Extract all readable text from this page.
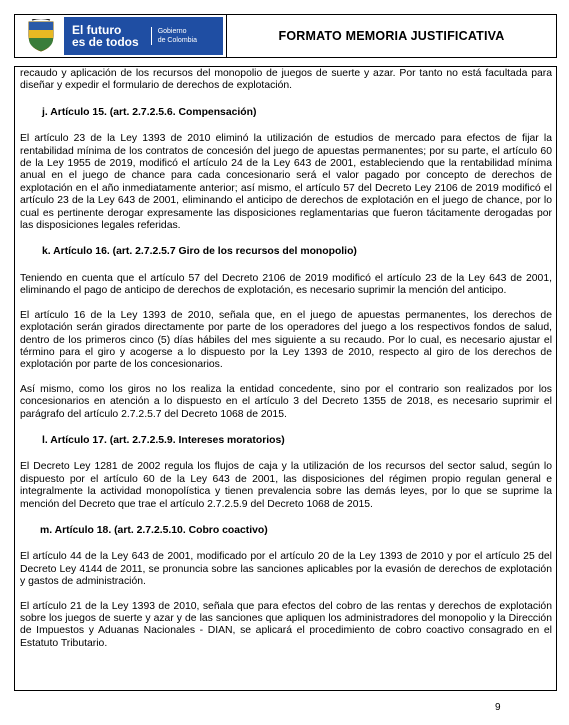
El futuro
es de todos
Gobierno
de Colombia	FORMATO MEMORIA JUSTIFICATIVA

recaudo y aplicación de los recursos del monopolio de juegos de suerte y azar. Por tanto no está facultada para diseñar y expedir el formulario de derechos de explotación.

j. Artículo 15. (art. 2.7.2.5.6. Compensación)

El artículo 23 de la Ley 1393 de 2010 eliminó la utilización de estudios de mercado para efectos de fijar la rentabilidad mínima de los contratos de concesión del juego de apuestas permanentes; por su parte, el artículo 60 de la Ley 1955 de 2019, modificó el artículo 24 de la Ley 643 de 2001, estableciendo que la rentabilidad mínima anual en el juego de chance para cada concesionario será el valor pagado por concepto de derechos de explotación en el año inmediatamente anterior; así mismo, el artículo 57 del Decreto Ley 2106 de 2019 modificó el artículo 23 de la Ley 643 de 2001, eliminando el anticipo de derechos de explotación en el juego de chance, por lo cual es pertinente derogar expresamente las disposiciones reglamentarias que fueron tácitamente derogadas por las disposiciones legales referidas.

k. Artículo 16. (art. 2.7.2.5.7 Giro de los recursos del monopolio)

Teniendo en cuenta que el artículo 57 del Decreto 2106 de 2019 modificó el artículo 23 de la Ley 643 de 2001, eliminando el pago de anticipo de derechos de explotación, es necesario suprimir la mención del anticipo.

El artículo 16 de la Ley 1393 de 2010, señala que, en el juego de apuestas permanentes, los derechos de explotación serán girados directamente por parte de los operadores del juego a los respectivos fondos de salud, dentro de los primeros cinco (5) días hábiles del mes siguiente a su recaudo. Por lo cual, es necesario ajustar el término para el giro y acogerse a lo dispuesto por la Ley 1393 de 2010, respecto al giro de los derechos de explotación por parte de los concesionarios.

Así mismo, como los giros no los realiza la entidad concedente, sino por el contrario son realizados por los concesionarios en atención a lo dispuesto en el artículo 3 del Decreto 1355 de 2018, es necesario suprimir el parágrafo del artículo 2.7.2.5.7 del Decreto 1068 de 2015.

l. Artículo 17. (art. 2.7.2.5.9. Intereses moratorios)

El Decreto Ley 1281 de 2002 regula los flujos de caja y la utilización de los recursos del sector salud, según lo dispuesto por el artículo 60 de la Ley 643 de 2001, las disposiciones del régimen propio regulan general e integralmente la actividad monopolística y tienen prevalencia sobre las demás leyes, por lo que se suprime la mención del Decreto que trae el artículo 2.7.2.5.9 del Decreto 1068 de 2015.

m. Artículo 18. (art. 2.7.2.5.10. Cobro coactivo)

El artículo 44 de la Ley 643 de 2001, modificado por el artículo 20 de la Ley 1393 de 2010 y por el artículo 25 del Decreto Ley 4144 de 2011, se pronuncia sobre las sanciones aplicables por la evasión de derechos de explotación y gastos de administración.

El artículo 21 de la Ley 1393 de 2010, señala que para efectos del cobro de las rentas y derechos de explotación sobre los juegos de suerte y azar y de las sanciones que apliquen los administradores del monopolio y la Dirección de Impuestos y Aduanas Nacionales - DIAN, se aplicará el procedimiento de cobro coactivo consagrado en el Estatuto Tributario.

9
